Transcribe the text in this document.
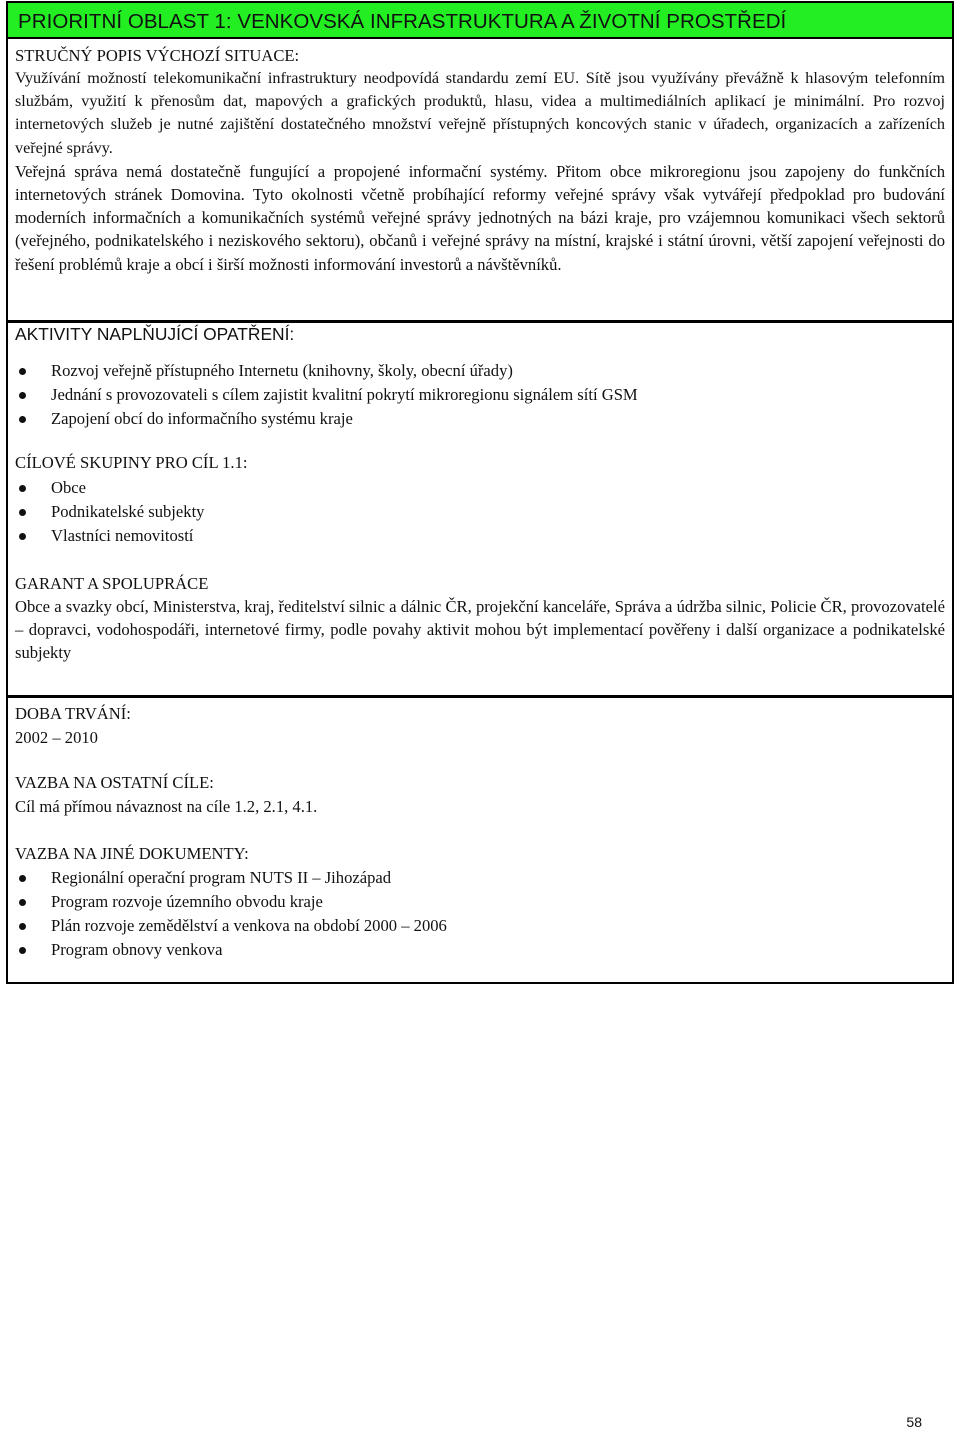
PRIORITNÍ OBLAST 1: VENKOVSKÁ INFRASTRUKTURA A ŽIVOTNÍ PROSTŘEDÍ
STRUČNÝ POPIS VÝCHOZÍ SITUACE:

Využívání možností telekomunikační infrastruktury neodpovídá standardu zemí EU. Sítě jsou využívány převážně k hlasovým telefonním službám, využití k přenosům dat, mapových a grafických produktů, hlasu, videa a multimediálních aplikací je minimální. Pro rozvoj internetových služeb je nutné zajištění dostatečného množství veřejně přístupných koncových stanic v úřadech, organizacích a zařízeních veřejné správy.

Veřejná správa nemá dostatečně fungující a propojené informační systémy. Přitom obce mikroregionu jsou zapojeny do funkčních internetových stránek Domovina. Tyto okolnosti včetně probíhající reformy veřejné správy však vytvářejí předpoklad pro budování moderních informačních a komunikačních systémů veřejné správy jednotných na bázi kraje, pro vzájemnou komunikaci všech sektorů (veřejného, podnikatelského i neziskového sektoru), občanů i veřejné správy na místní, krajské i státní úrovni, větší zapojení veřejnosti do řešení problémů kraje a obcí i širší možnosti informování investorů a návštěvníků.

AKTIVITY NAPLŇUJÍCÍ OPATŘENÍ:
Rozvoj veřejně přístupného Internetu (knihovny, školy, obecní úřady)
Jednání s provozovateli s cílem zajistit kvalitní pokrytí mikroregionu signálem sítí GSM
Zapojení obcí do informačního systému kraje
CÍLOVÉ SKUPINY PRO CÍL 1.1:
Obce
Podnikatelské subjekty
Vlastníci nemovitostí
GARANT A SPOLUPRÁCE

Obce a svazky obcí, Ministerstva, kraj, ředitelství silnic a dálnic ČR, projekční kanceláře, Správa a údržba silnic, Policie ČR, provozovatelé – dopravci, vodohospodáři, internetové firmy, podle povahy aktivit mohou být implementací pověřeny i další organizace a podnikatelské subjekty

DOBA TRVÁNÍ:
2002 – 2010
VAZBA NA OSTATNÍ CÍLE:
Cíl má přímou návaznost na cíle 1.2, 2.1, 4.1.
VAZBA NA JINÉ DOKUMENTY:
Regionální operační program NUTS II – Jihozápad
Program rozvoje územního obvodu kraje
Plán rozvoje zemědělství a venkova na období 2000 – 2006
Program obnovy venkova
58
